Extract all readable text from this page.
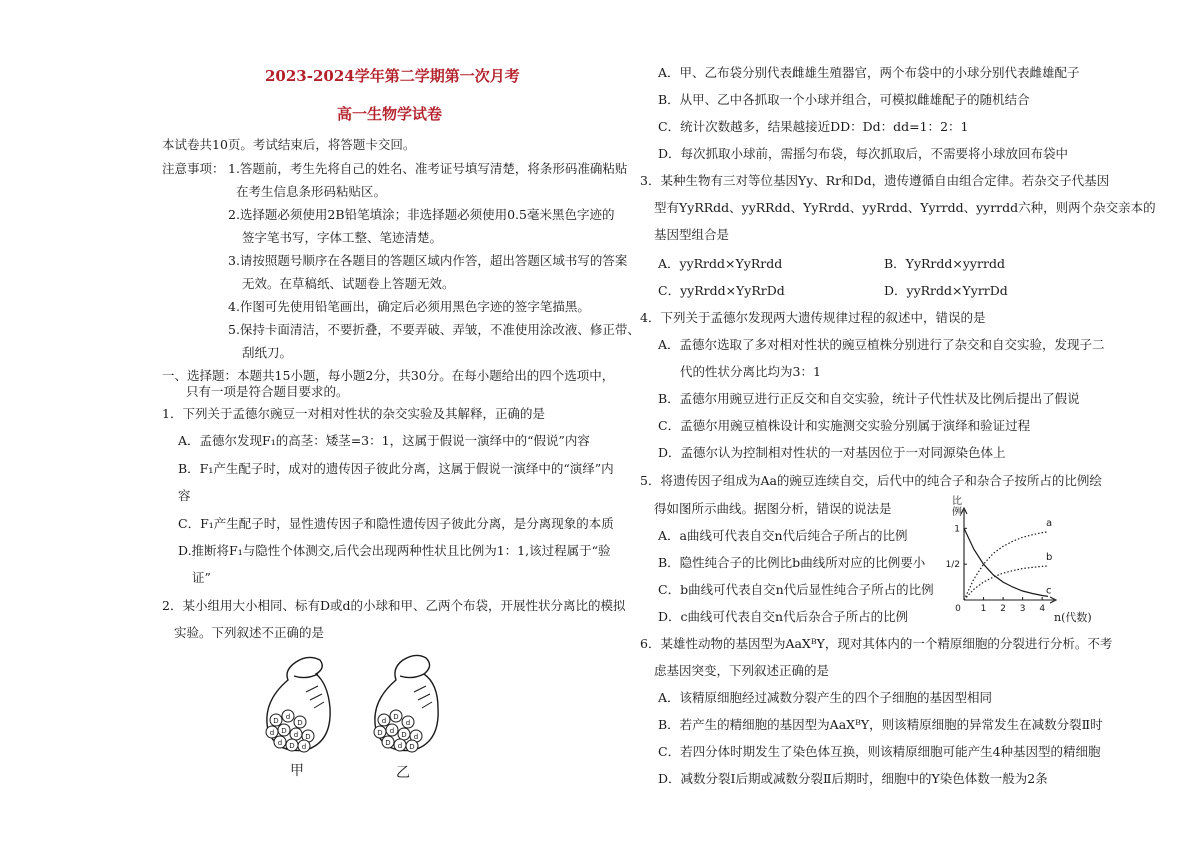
2023-2024学年第二学期第一次月考
高一生物学试卷
本试卷共10页。考试结束后，将答题卡交回。
注意事项： 1.答题前，考生先将自己的姓名、准考证号填写清楚，将条形码准确粘贴
在考生信息条形码粘贴区。
2.选择题必须使用2B铅笔填涂；非选择题必须使用0.5毫米黑色字迹的
签字笔书写，字体工整、笔迹清楚。
3.请按照题号顺序在各题目的答题区域内作答，超出答题区域书写的答案
无效。在草稿纸、试题卷上答题无效。
4.作图可先使用铅笔画出，确定后必须用黑色字迹的签字笔描黑。
5.保持卡面清洁，不要折叠，不要弄破、弄皱，不准使用涂改液、修正带、
刮纸刀。
一、选择题：本题共15小题，每小题2分，共30分。在每小题给出的四个选项中，
只有一项是符合题目要求的。
1．下列关于孟德尔豌豆一对相对性状的杂交实验及其解释，正确的是
A．孟德尔发现F₁的高茎：矮茎=3：1，这属于假说一演绎中的“假说”内容
B．F₁产生配子时，成对的遗传因子彼此分离，这属于假说一演绎中的“演绎”内
容
C．F₁产生配子时，显性遗传因子和隐性遗传因子彼此分离，是分离现象的本质
D.推断将F₁与隐性个体测交,后代会出现两种性状且比例为1：1,该过程属于“验
证”
2．某小组用大小相同、标有D或d的小球和甲、乙两个布袋，开展性状分离比的模拟
实验。下列叙述不正确的是
D d
D
d D d D
d D d
d D
d
D d D d
D d D
甲	乙
A．甲、乙布袋分别代表雌雄生殖器官，两个布袋中的小球分别代表雌雄配子
B．从甲、乙中各抓取一个小球并组合，可模拟雌雄配子的随机结合
C．统计次数越多，结果越接近DD：Dd：dd=1：2：1
D．每次抓取小球前，需摇匀布袋，每次抓取后，不需要将小球放回布袋中
3．某种生物有三对等位基因Yy、Rr和Dd，遗传遵循自由组合定律。若杂交子代基因
型有YyRRdd、yyRRdd、YyRrdd、yyRrdd、Yyrrdd、yyrrdd六种，则两个杂交亲本的
基因型组合是
A．yyRrdd×YyRrdd	B．YyRrdd×yyrrdd
C．yyRrdd×YyRrDd	D．yyRrdd×YyrrDd
4．下列关于孟德尔发现两大遗传规律过程的叙述中，错误的是
A．孟德尔选取了多对相对性状的豌豆植株分别进行了杂交和自交实验，发现子二
代的性状分离比均为3：1
B．孟德尔用豌豆进行正反交和自交实验，统计子代性状及比例后提出了假说
C．孟德尔用豌豆植株设计和实施测交实验分别属于演绎和验证过程
D．孟德尔认为控制相对性状的一对基因位于一对同源染色体上
5．将遗传因子组成为Aa的豌豆连续自交，后代中的纯合子和杂合子按所占的比例绘
得如图所示曲线。据图分析，错误的说法是
A．a曲线可代表自交n代后纯合子所占的比例
B．隐性纯合子的比例比b曲线所对应的比例要小
C．b曲线可代表自交n代后显性纯合子所占的比例
D．c曲线可代表自交n代后杂合子所占的比例	0 1 2 3 4
1/2
1
a
b
c
比例
n(代数)
6．某雄性动物的基因型为AaXᴮY，现对其体内的一个精原细胞的分裂进行分析。不考
虑基因突变，下列叙述正确的是
A．该精原细胞经过减数分裂产生的四个子细胞的基因型相同
B．若产生的精细胞的基因型为AaXᴮY，则该精原细胞的异常发生在减数分裂Ⅱ时
C．若四分体时期发生了染色体互换，则该精原细胞可能产生4种基因型的精细胞
D．减数分裂Ⅰ后期或减数分裂Ⅱ后期时，细胞中的Y染色体数一般为2条
